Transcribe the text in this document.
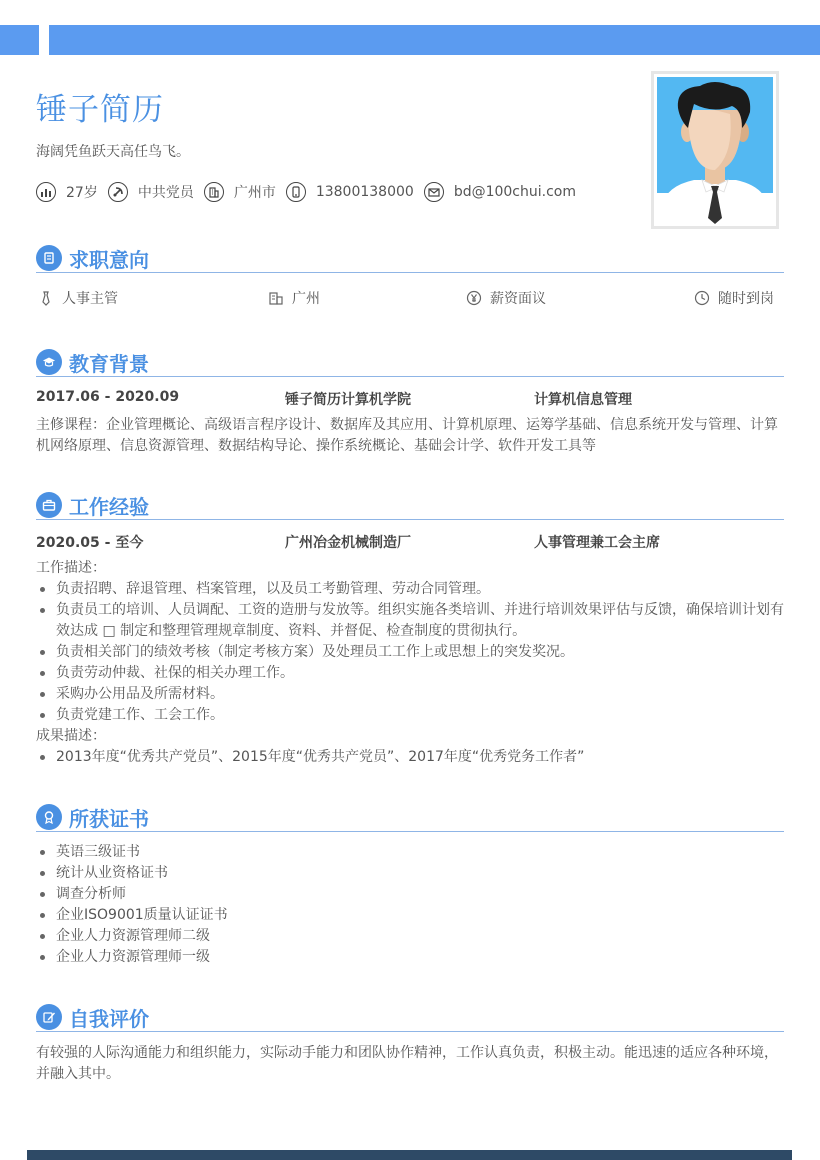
锤子简历
海阔凭鱼跃天高任鸟飞。
27岁	中共党员	广州市	13800138000	bd@100chui.com
求职意向
人事主管	广州	薪资面议	随时到岗
教育背景
2017.06 - 2020.09	锤子简历计算机学院	计算机信息管理
主修课程：企业管理概论、高级语言程序设计、数据库及其应用、计算机原理、运筹学基础、信息系统开发与管理、计算
机网络原理、信息资源管理、数据结构导论、操作系统概论、基础会计学、软件开发工具等
工作经验
2020.05 - 至今	广州冶金机械制造厂	人事管理兼工会主席
工作描述：
负责招聘、辞退管理、档案管理，以及员工考勤管理、劳动合同管理。
负责员工的培训、人员调配、工资的造册与发放等。组织实施各类培训、并进行培训效果评估与反馈，确保培训计划有效达成 □ 制定和整理管理规章制度、资料、并督促、检查制度的贯彻执行。
负责相关部门的绩效考核（制定考核方案）及处理员工工作上或思想上的突发奖况。
负责劳动仲裁、社保的相关办理工作。
采购办公用品及所需材料。
负责党建工作、工会工作。
成果描述：
2013年度“优秀共产党员”、2015年度“优秀共产党员”、2017年度“优秀党务工作者”
所获证书
英语三级证书
统计从业资格证书
调查分析师
企业ISO9001质量认证证书
企业人力资源管理师二级
企业人力资源管理师一级
自我评价
有较强的人际沟通能力和组织能力，实际动手能力和团队协作精神，工作认真负责，积极主动。能迅速的适应各种环境，
并融入其中。
